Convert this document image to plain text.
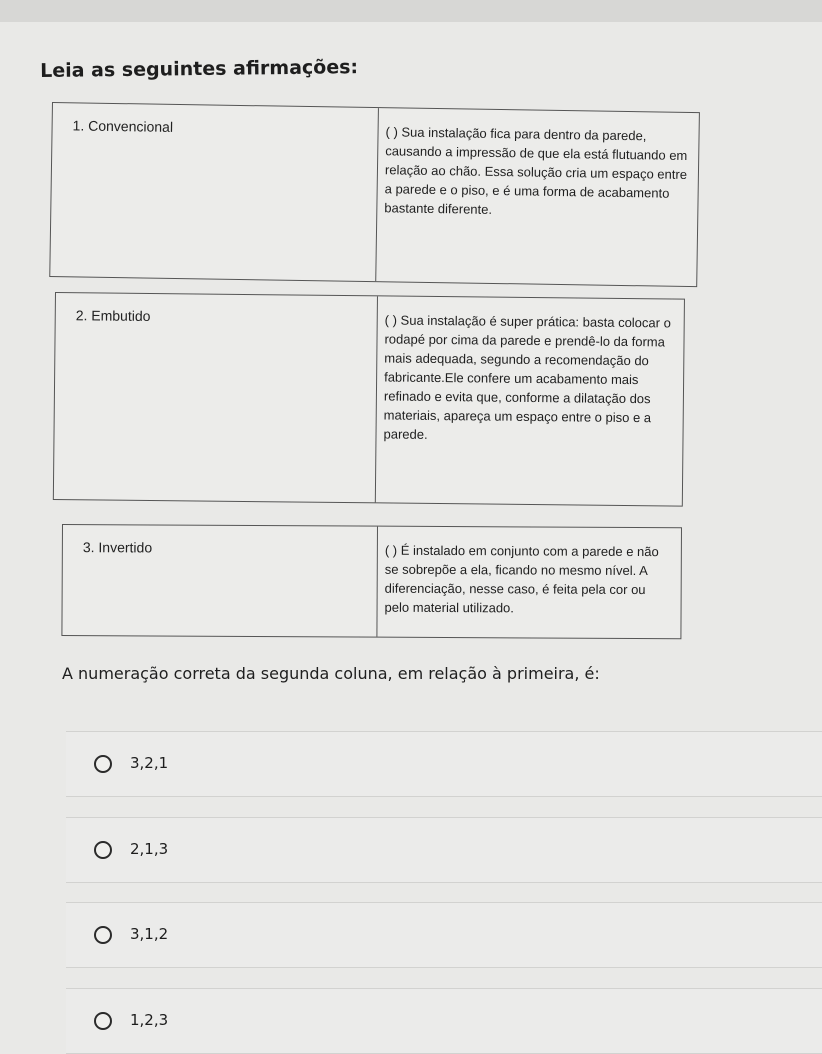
Leia as seguintes afirmações:
1. Convencional	( ) Sua instalação fica para dentro da parede, causando a impressão de que ela está flutuando em relação ao chão. Essa solução cria um espaço entre a parede e o piso, e é uma forma de acabamento bastante diferente.
2. Embutido	( ) Sua instalação é super prática: basta colocar o rodapé por cima da parede e prendê-lo da forma mais adequada, segundo a recomendação do fabricante.Ele confere um acabamento mais refinado e evita que, conforme a dilatação dos materiais, apareça um espaço entre o piso e a parede.
3. Invertido	( ) É instalado em conjunto com a parede e não se sobrepõe a ela, ficando no mesmo nível. A diferenciação, nesse caso, é feita pela cor ou pelo material utilizado.
A numeração correta da segunda coluna, em relação à primeira, é:
3,2,1
2,1,3
3,1,2
1,2,3
